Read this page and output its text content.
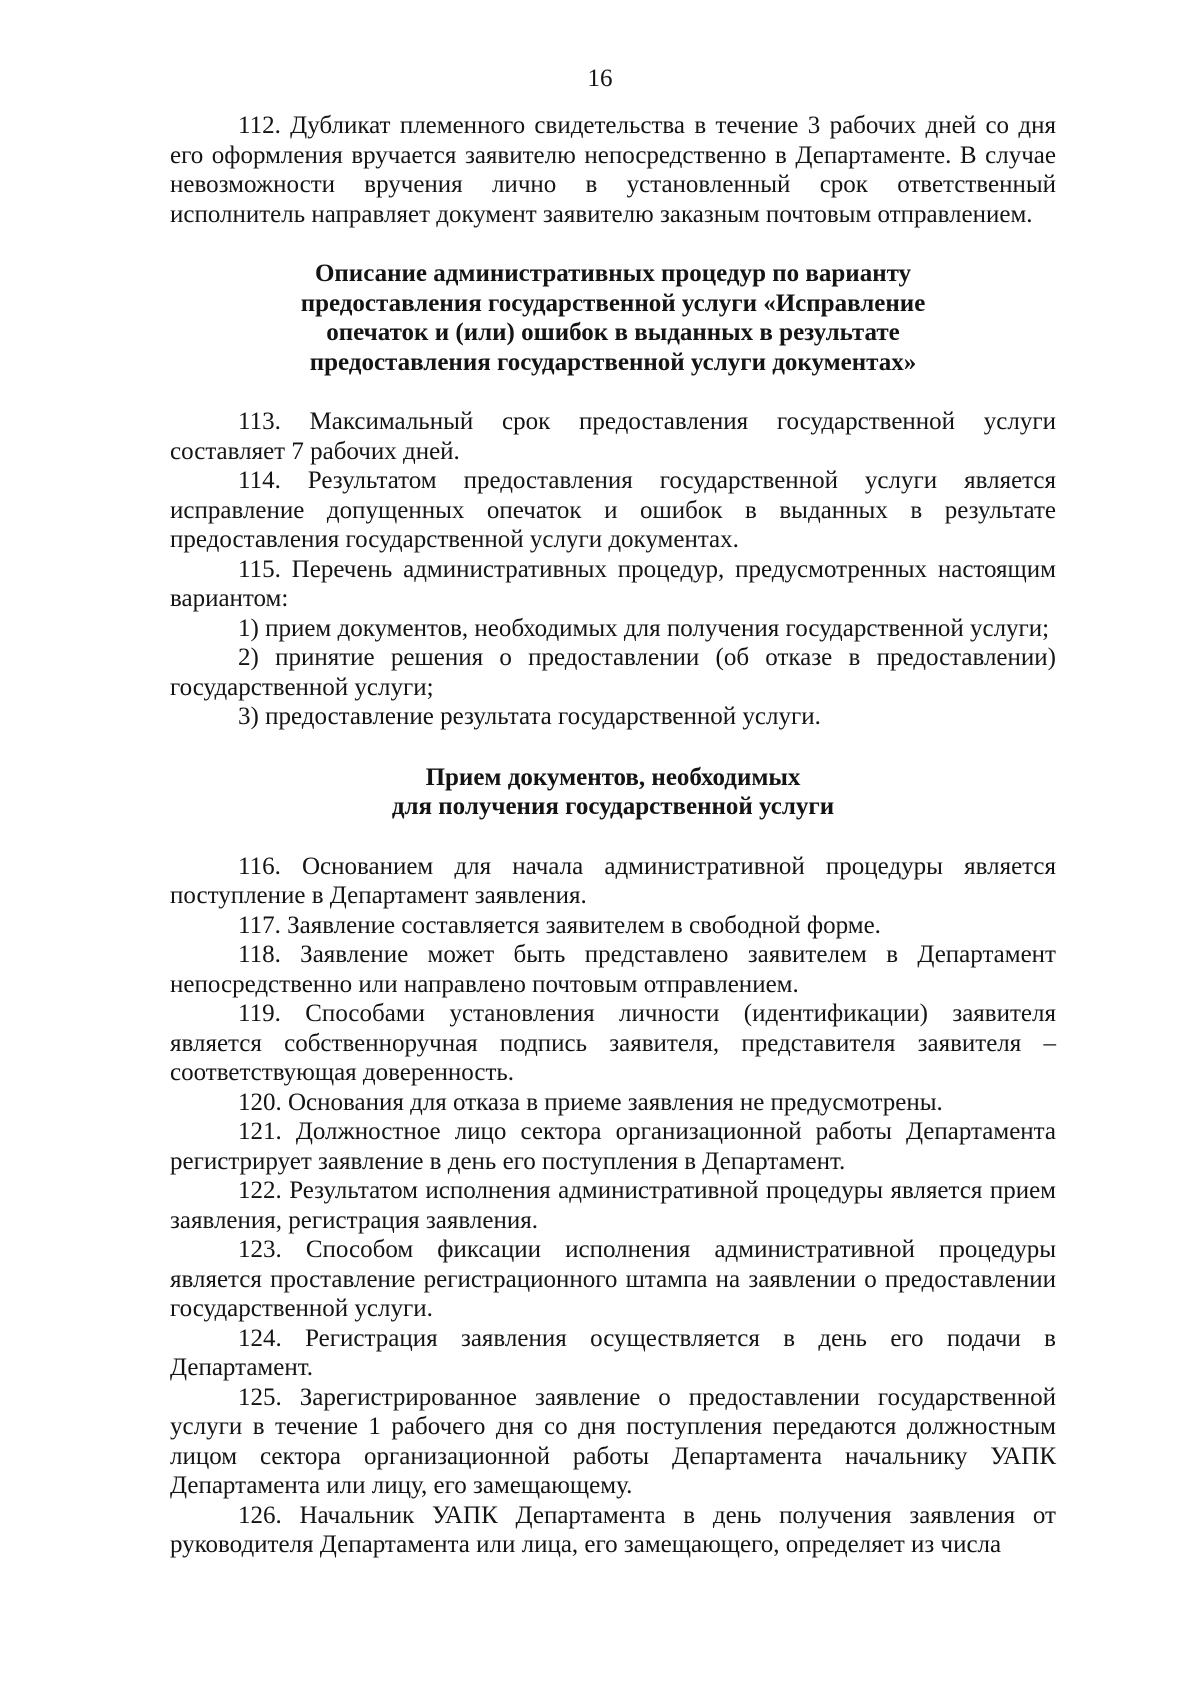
16

112. Дубликат племенного свидетельства в течение 3 рабочих дней со дня его оформления вручается заявителю непосредственно в Департаменте. В случае невозможности вручения лично в установленный срок ответственный исполнитель направляет документ заявителю заказным почтовым отправлением.

Описание административных процедур по варианту
предоставления государственной услуги «Исправление
опечаток и (или) ошибок в выданных в результате
предоставления государственной услуги документах»

113. Максимальный срок предоставления государственной услуги составляет 7 рабочих дней.

114. Результатом предоставления государственной услуги является исправление допущенных опечаток и ошибок в выданных в результате предоставления государственной услуги документах.

115. Перечень административных процедур, предусмотренных настоящим вариантом:

1) прием документов, необходимых для получения государственной услуги;

2) принятие решения о предоставлении (об отказе в предоставлении) государственной услуги;

3) предоставление результата государственной услуги.

Прием документов, необходимых
для получения государственной услуги

116. Основанием для начала административной процедуры является поступление в Департамент заявления.

117. Заявление составляется заявителем в свободной форме.

118. Заявление может быть представлено заявителем в Департамент непосредственно или направлено почтовым отправлением.

119. Способами установления личности (идентификации) заявителя является собственноручная подпись заявителя, представителя заявителя – соответствующая доверенность.

120. Основания для отказа в приеме заявления не предусмотрены.

121. Должностное лицо сектора организационной работы Департамента регистрирует заявление в день его поступления в Департамент.

122. Результатом исполнения административной процедуры является прием заявления, регистрация заявления.

123. Способом фиксации исполнения административной процедуры является проставление регистрационного штампа на заявлении о предоставлении государственной услуги.

124. Регистрация заявления осуществляется в день его подачи в Департамент.

125. Зарегистрированное заявление о предоставлении государственной услуги в течение 1 рабочего дня со дня поступления передаются должностным лицом сектора организационной работы Департамента начальнику УАПК Департамента или лицу, его замещающему.

126. Начальник УАПК Департамента в день получения заявления от руководителя Департамента или лица, его замещающего, определяет из числа
